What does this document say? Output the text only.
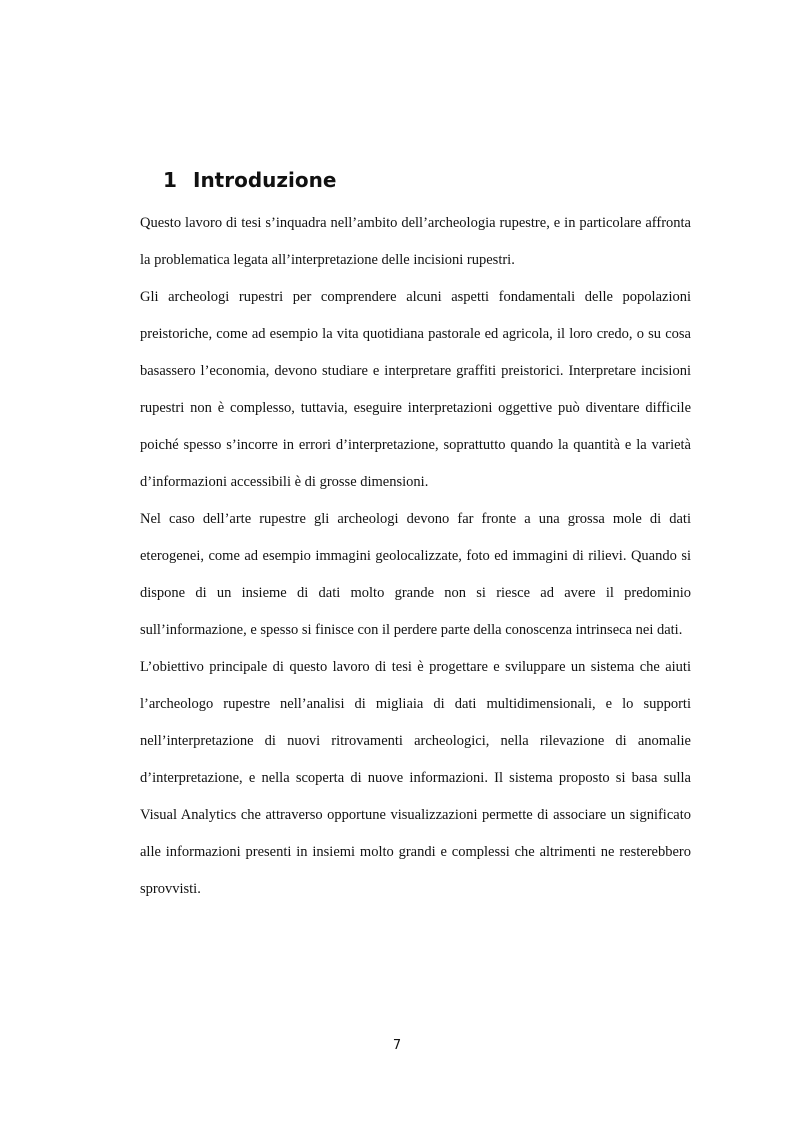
1 Introduzione

Questo lavoro di tesi s’inquadra nell’ambito dell’archeologia rupestre, e in particolare affronta la problematica legata all’interpretazione delle incisioni rupestri.

Gli archeologi rupestri per comprendere alcuni aspetti fondamentali delle popolazioni preistoriche, come ad esempio la vita quotidiana pastorale ed agricola, il loro credo, o su cosa basassero l’economia, devono studiare e interpretare graffiti preistorici. Interpretare incisioni rupestri non è complesso, tuttavia, eseguire interpretazioni oggettive può diventare difficile poiché spesso s’incorre in errori d’interpretazione, soprattutto quando la quantità e la varietà d’informazioni accessibili è di grosse dimensioni.

Nel caso dell’arte rupestre gli archeologi devono far fronte a una grossa mole di dati eterogenei, come ad esempio immagini geolocalizzate, foto ed immagini di rilievi. Quando si dispone di un insieme di dati molto grande non si riesce ad avere il predominio sull’informazione, e spesso si finisce con il perdere parte della conoscenza intrinseca nei dati.

L’obiettivo principale di questo lavoro di tesi è progettare e sviluppare un sistema che aiuti l’archeologo rupestre nell’analisi di migliaia di dati multidimensionali, e lo supporti nell’interpretazione di nuovi ritrovamenti archeologici, nella rilevazione di anomalie d’interpretazione, e nella scoperta di nuove informazioni. Il sistema proposto si basa sulla Visual Analytics che attraverso opportune visualizzazioni permette di associare un significato alle informazioni presenti in insiemi molto grandi e complessi che altrimenti ne resterebbero sprovvisti.

7
